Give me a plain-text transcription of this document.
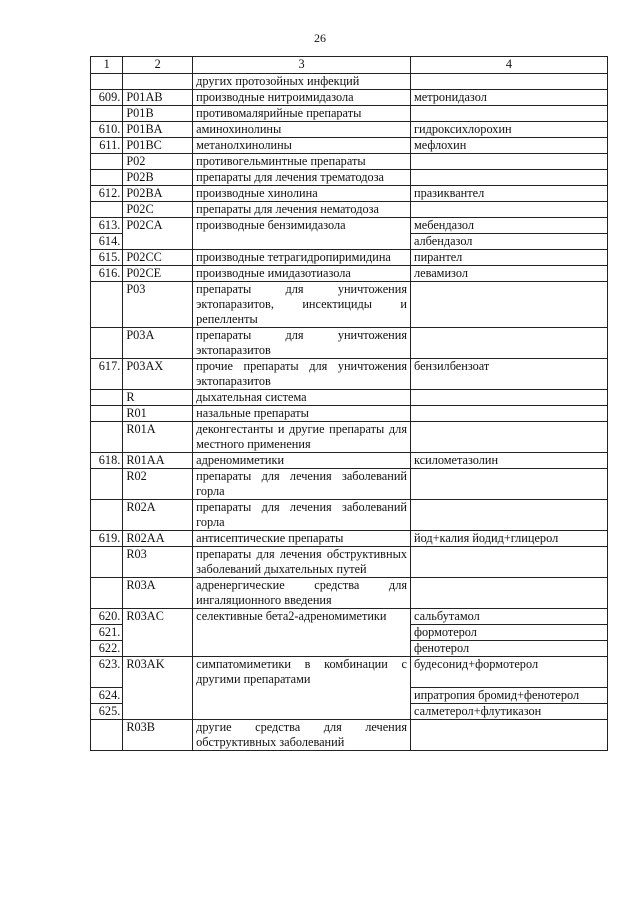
26
1	2	3	4
		других протозойных инфекций	
609.	P01AB	производные нитроимидазола	метронидазол
	P01B	противомалярийные препараты	
610.	P01BA	аминохинолины	гидроксихлорохин
611.	P01BC	метанолхинолины	мефлохин
	P02	противогельминтные препараты	
	P02B	препараты для лечения трематодоза	
612.	P02BA	производные хинолина	празиквантел
	P02C	препараты для лечения нематодоза	
613.	P02CA	производные бензимидазола	мебендазол
614.			албендазол
615.	P02CC	производные тетрагидропиримидина	пирантел
616.	P02CE	производные имидазотиазола	левамизол
	P03	препараты для уничтожения эктопаразитов, инсектициды и репелленты	
	P03A	препараты для уничтожения эктопаразитов	
617.	P03AX	прочие препараты для уничтожения эктопаразитов	бензилбензоат
	R	дыхательная система	
	R01	назальные препараты	
	R01A	деконгестанты и другие препараты для местного применения	
618.	R01AA	адреномиметики	ксилометазолин
	R02	препараты для лечения заболеваний горла	
	R02A	препараты для лечения заболеваний горла	
619.	R02AA	антисептические препараты	йод+калия йодид+глицерол
	R03	препараты для лечения обструктивных заболеваний дыхательных путей	
	R03A	адренергические средства для ингаляционного введения	
620.	R03AC	селективные бета2-адреномиметики	сальбутамол
621.			формотерол
622.			фенотерол
623.	R03AK	симпатомиметики в комбинации с другими препаратами	будесонид+формотерол
624.			ипратропия бромид+фенотерол
625.			салметерол+флутиказон
	R03B	другие средства для лечения обструктивных заболеваний	
